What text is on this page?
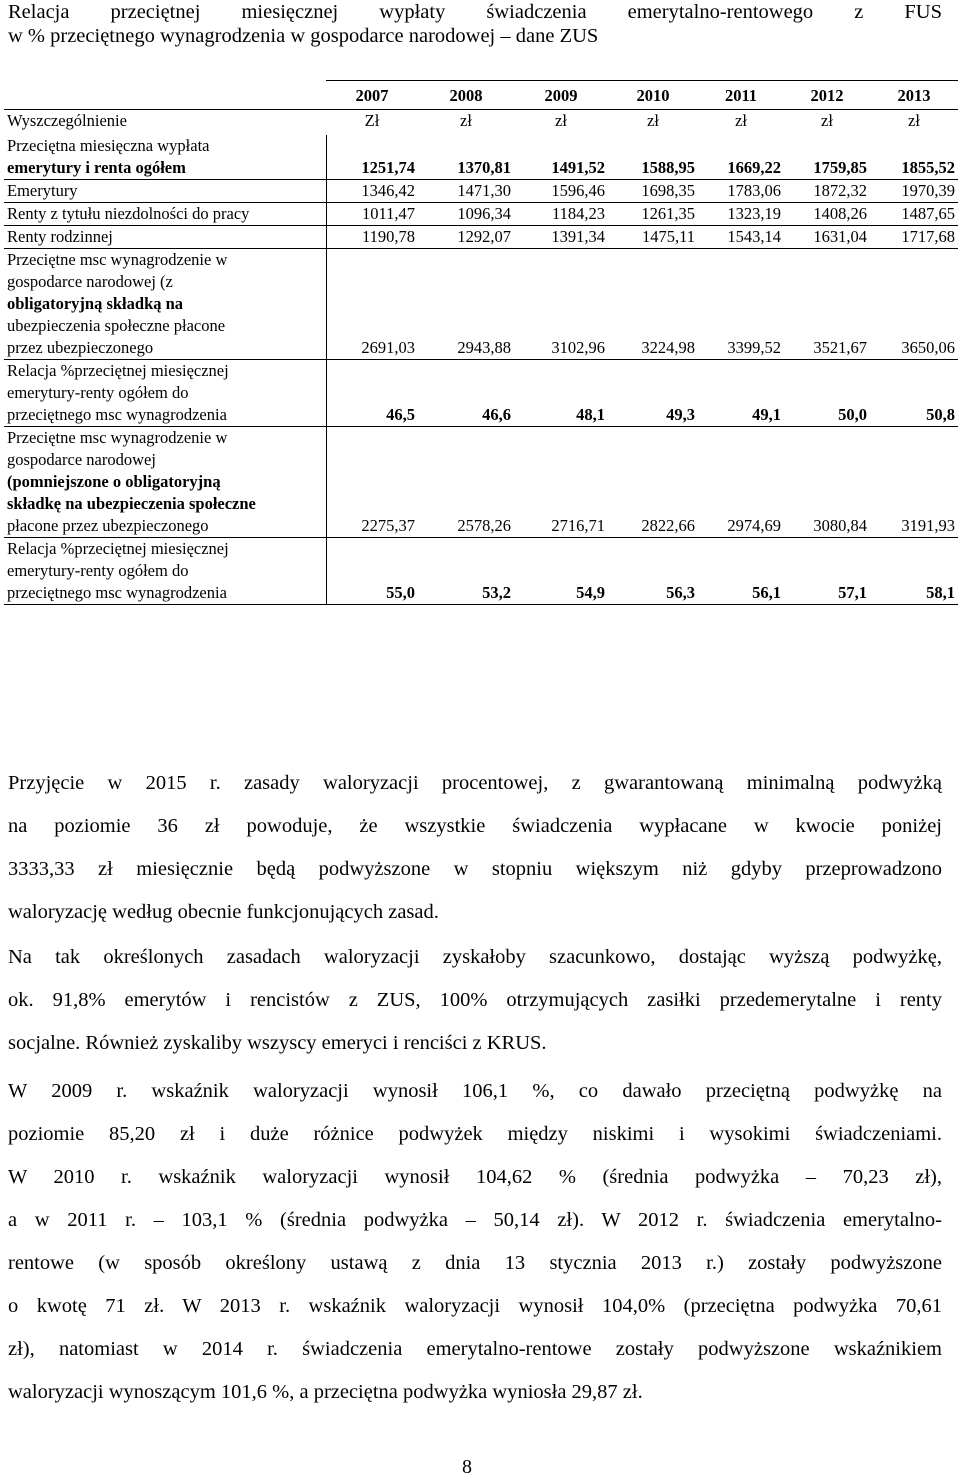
Relacja przeciętnej miesięcznej wypłaty świadczenia emerytalno-rentowego z FUS
w % przeciętnego wynagrodzenia w gospodarce narodowej – dane ZUS
	2007	2008	2009	2010	2011	2012	2013
Wyszczególnienie	Zł	zł	zł	zł	zł	zł	zł

Przeciętna miesięczna wypłata
emerytury i renta ogółem	1251,74	1370,81	1491,52	1588,95	1669,22	1759,85	1855,52

Emerytury	1346,42	1471,30	1596,46	1698,35	1783,06	1872,32	1970,39

Renty z tytułu niezdolności do pracy	1011,47	1096,34	1184,23	1261,35	1323,19	1408,26	1487,65

Renty rodzinnej	1190,78	1292,07	1391,34	1475,11	1543,14	1631,04	1717,68

Przeciętne msc wynagrodzenie w
gospodarce narodowej (z
obligatoryjną składką na
ubezpieczenia społeczne płacone
przez ubezpieczonego	2691,03	2943,88	3102,96	3224,98	3399,52	3521,67	3650,06

Relacja %przeciętnej miesięcznej
emerytury-renty ogółem do
przeciętnego msc wynagrodzenia	46,5	46,6	48,1	49,3	49,1	50,0	50,8

Przeciętne msc wynagrodzenie w
gospodarce narodowej
(pomniejszone o obligatoryjną
składkę na ubezpieczenia społeczne
płacone przez ubezpieczonego	2275,37	2578,26	2716,71	2822,66	2974,69	3080,84	3191,93

Relacja %przeciętnej miesięcznej
emerytury-renty ogółem do
przeciętnego msc wynagrodzenia	55,0	53,2	54,9	56,3	56,1	57,1	58,1
Przyjęcie w 2015 r. zasady waloryzacji procentowej, z gwarantowaną minimalną podwyżką
na poziomie 36 zł powoduje, że wszystkie świadczenia wypłacane w kwocie poniżej
3333,33 zł miesięcznie będą podwyższone w stopniu większym niż gdyby przeprowadzono
waloryzację według obecnie funkcjonujących zasad.
Na tak określonych zasadach waloryzacji zyskałoby szacunkowo, dostając wyższą podwyżkę,
ok. 91,8% emerytów i rencistów z ZUS, 100% otrzymujących zasiłki przedemerytalne i renty
socjalne. Również zyskaliby wszyscy emeryci i renciści z KRUS.
W 2009 r. wskaźnik waloryzacji wynosił 106,1 %, co dawało przeciętną podwyżkę na
poziomie 85,20 zł i duże różnice podwyżek między niskimi i wysokimi świadczeniami.
W 2010 r. wskaźnik waloryzacji wynosił 104,62 % (średnia podwyżka – 70,23 zł),
a w 2011 r. – 103,1 % (średnia podwyżka – 50,14 zł). W 2012 r. świadczenia emerytalno-
rentowe (w sposób określony ustawą z dnia 13 stycznia 2013 r.) zostały podwyższone
o kwotę 71 zł. W 2013 r. wskaźnik waloryzacji wynosił 104,0% (przeciętna podwyżka 70,61
zł), natomiast w 2014 r. świadczenia emerytalno-rentowe zostały podwyższone wskaźnikiem
waloryzacji wynoszącym 101,6 %, a przeciętna podwyżka wyniosła 29,87 zł.
8
